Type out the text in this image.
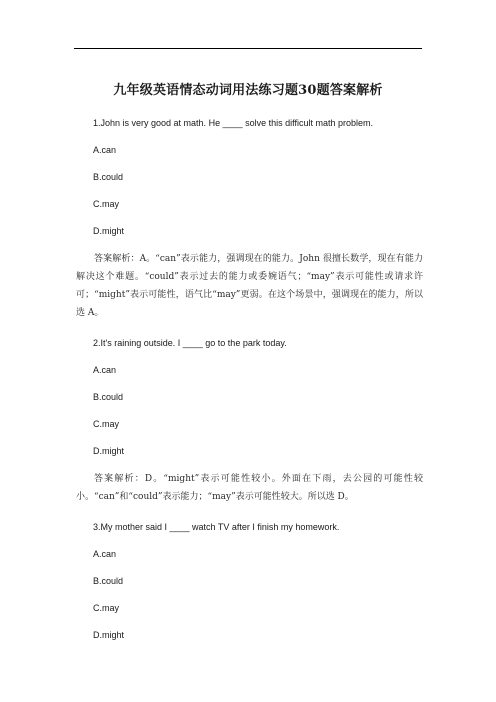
九年级英语情态动词用法练习题30题答案解析

1.John is very good at math. He ____ solve this difficult math problem.

A.can

B.could

C.may

D.might

答案解析：A。“can”表示能力，强调现在的能力。John 很擅长数学，现在有能力解决这个难题。“could”表示过去的能力或委婉语气；“may”表示可能性或请求许可；“might”表示可能性，语气比“may”更弱。在这个场景中，强调现在的能力，所以选 A。

2.It's raining outside. I ____ go to the park today.

A.can

B.could

C.may

D.might

答案解析：D。“might”表示可能性较小。外面在下雨，去公园的可能性较小。“can”和“could”表示能力；“may”表示可能性较大。所以选 D。

3.My mother said I ____ watch TV after I finish my homework.

A.can

B.could

C.may

D.might
